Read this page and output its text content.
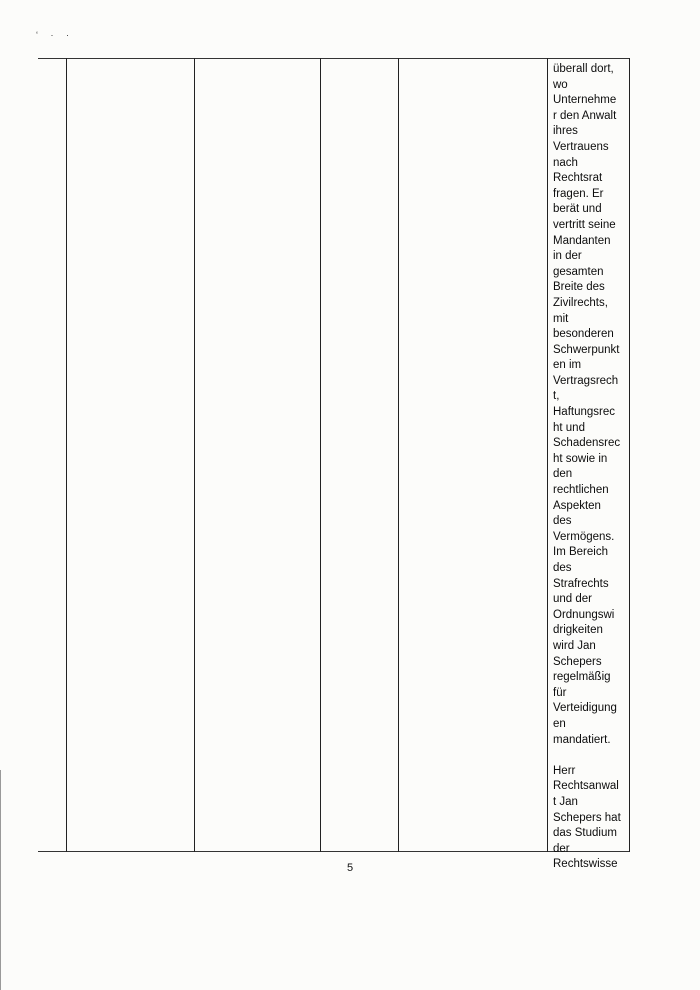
‘ · ·
überall dort,
wo
Unternehme
r den Anwalt
ihres
Vertrauens
nach
Rechtsrat
fragen. Er
berät und
vertritt seine
Mandanten
in der
gesamten
Breite des
Zivilrechts,
mit
besonderen
Schwerpunkt
en im
Vertragsrech
t,
Haftungsrec
ht und
Schadensrec
ht sowie in
den
rechtlichen
Aspekten
des
Vermögens.
Im Bereich
des
Strafrechts
und der
Ordnungswi
drigkeiten
wird Jan
Schepers
regelmäßig
für
Verteidigung
en
mandatiert.
Herr
Rechtsanwal
t Jan
Schepers hat
das Studium
der
Rechtswisse
5
